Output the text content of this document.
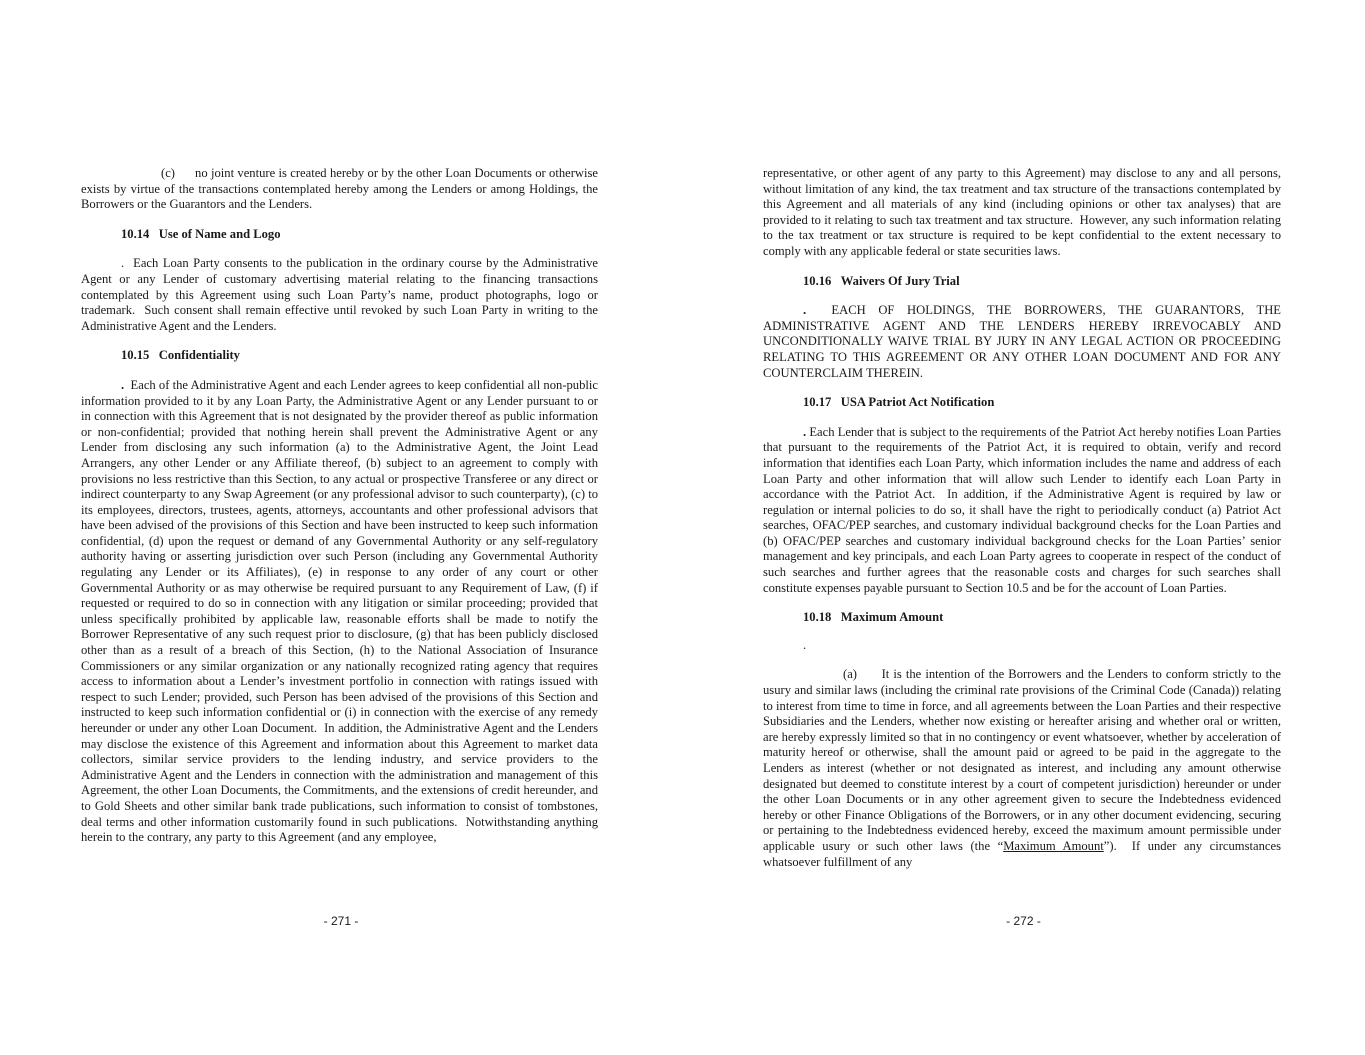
(c)      no joint venture is created hereby or by the other Loan Documents or otherwise exists by virtue of the transactions contemplated hereby among the Lenders or among Holdings, the Borrowers or the Guarantors and the Lenders.

10.14   Use of Name and Logo

.  Each Loan Party consents to the publication in the ordinary course by the Administrative Agent or any Lender of customary advertising material relating to the financing transactions contemplated by this Agreement using such Loan Party’s name, product photographs, logo or trademark.  Such consent shall remain effective until revoked by such Loan Party in writing to the Administrative Agent and the Lenders.

10.15   Confidentiality

.  Each of the Administrative Agent and each Lender agrees to keep confidential all non-public information provided to it by any Loan Party, the Administrative Agent or any Lender pursuant to or in connection with this Agreement that is not designated by the provider thereof as public information or non-confidential; provided that nothing herein shall prevent the Administrative Agent or any Lender from disclosing any such information (a) to the Administrative Agent, the Joint Lead Arrangers, any other Lender or any Affiliate thereof, (b) subject to an agreement to comply with provisions no less restrictive than this Section, to any actual or prospective Transferee or any direct or indirect counterparty to any Swap Agreement (or any professional advisor to such counterparty), (c) to its employees, directors, trustees, agents, attorneys, accountants and other professional advisors that have been advised of the provisions of this Section and have been instructed to keep such information confidential, (d) upon the request or demand of any Governmental Authority or any self-regulatory authority having or asserting jurisdiction over such Person (including any Governmental Authority regulating any Lender or its Affiliates), (e) in response to any order of any court or other Governmental Authority or as may otherwise be required pursuant to any Requirement of Law, (f) if requested or required to do so in connection with any litigation or similar proceeding; provided that unless specifically prohibited by applicable law, reasonable efforts shall be made to notify the Borrower Representative of any such request prior to disclosure, (g) that has been publicly disclosed other than as a result of a breach of this Section, (h) to the National Association of Insurance Commissioners or any similar organization or any nationally recognized rating agency that requires access to information about a Lender’s investment portfolio in connection with ratings issued with respect to such Lender; provided, such Person has been advised of the provisions of this Section and instructed to keep such information confidential or (i) in connection with the exercise of any remedy hereunder or under any other Loan Document.  In addition, the Administrative Agent and the Lenders may disclose the existence of this Agreement and information about this Agreement to market data collectors, similar service providers to the lending industry, and service providers to the Administrative Agent and the Lenders in connection with the administration and management of this Agreement, the other Loan Documents, the Commitments, and the extensions of credit hereunder, and to Gold Sheets and other similar bank trade publications, such information to consist of tombstones, deal terms and other information customarily found in such publications.  Notwithstanding anything herein to the contrary, any party to this Agreement (and any employee,

- 271 -

representative, or other agent of any party to this Agreement) may disclose to any and all persons, without limitation of any kind, the tax treatment and tax structure of the transactions contemplated by this Agreement and all materials of any kind (including opinions or other tax analyses) that are provided to it relating to such tax treatment and tax structure.  However, any such information relating to the tax treatment or tax structure is required to be kept confidential to the extent necessary to comply with any applicable federal or state securities laws.

10.16   Waivers Of Jury Trial

.  EACH OF HOLDINGS, THE BORROWERS, THE GUARANTORS, THE ADMINISTRATIVE AGENT AND THE LENDERS HEREBY IRREVOCABLY AND UNCONDITIONALLY WAIVE TRIAL BY JURY IN ANY LEGAL ACTION OR PROCEEDING RELATING TO THIS AGREEMENT OR ANY OTHER LOAN DOCUMENT AND FOR ANY COUNTERCLAIM THEREIN.

10.17   USA Patriot Act Notification

. Each Lender that is subject to the requirements of the Patriot Act hereby notifies Loan Parties that pursuant to the requirements of the Patriot Act, it is required to obtain, verify and record information that identifies each Loan Party, which information includes the name and address of each Loan Party and other information that will allow such Lender to identify each Loan Party in accordance with the Patriot Act.  In addition, if the Administrative Agent is required by law or regulation or internal policies to do so, it shall have the right to periodically conduct (a) Patriot Act searches, OFAC/PEP searches, and customary individual background checks for the Loan Parties and (b) OFAC/PEP searches and customary individual background checks for the Loan Parties’ senior management and key principals, and each Loan Party agrees to cooperate in respect of the conduct of such searches and further agrees that the reasonable costs and charges for such searches shall constitute expenses payable pursuant to Section 10.5 and be for the account of Loan Parties.

10.18   Maximum Amount

.

(a)      It is the intention of the Borrowers and the Lenders to conform strictly to the usury and similar laws (including the criminal rate provisions of the Criminal Code (Canada)) relating to interest from time to time in force, and all agreements between the Loan Parties and their respective Subsidiaries and the Lenders, whether now existing or hereafter arising and whether oral or written, are hereby expressly limited so that in no contingency or event whatsoever, whether by acceleration of maturity hereof or otherwise, shall the amount paid or agreed to be paid in the aggregate to the Lenders as interest (whether or not designated as interest, and including any amount otherwise designated but deemed to constitute interest by a court of competent jurisdiction) hereunder or under the other Loan Documents or in any other agreement given to secure the Indebtedness evidenced hereby or other Finance Obligations of the Borrowers, or in any other document evidencing, securing or pertaining to the Indebtedness evidenced hereby, exceed the maximum amount permissible under applicable usury or such other laws (the “Maximum Amount”).  If under any circumstances whatsoever fulfillment of any

- 272 -
